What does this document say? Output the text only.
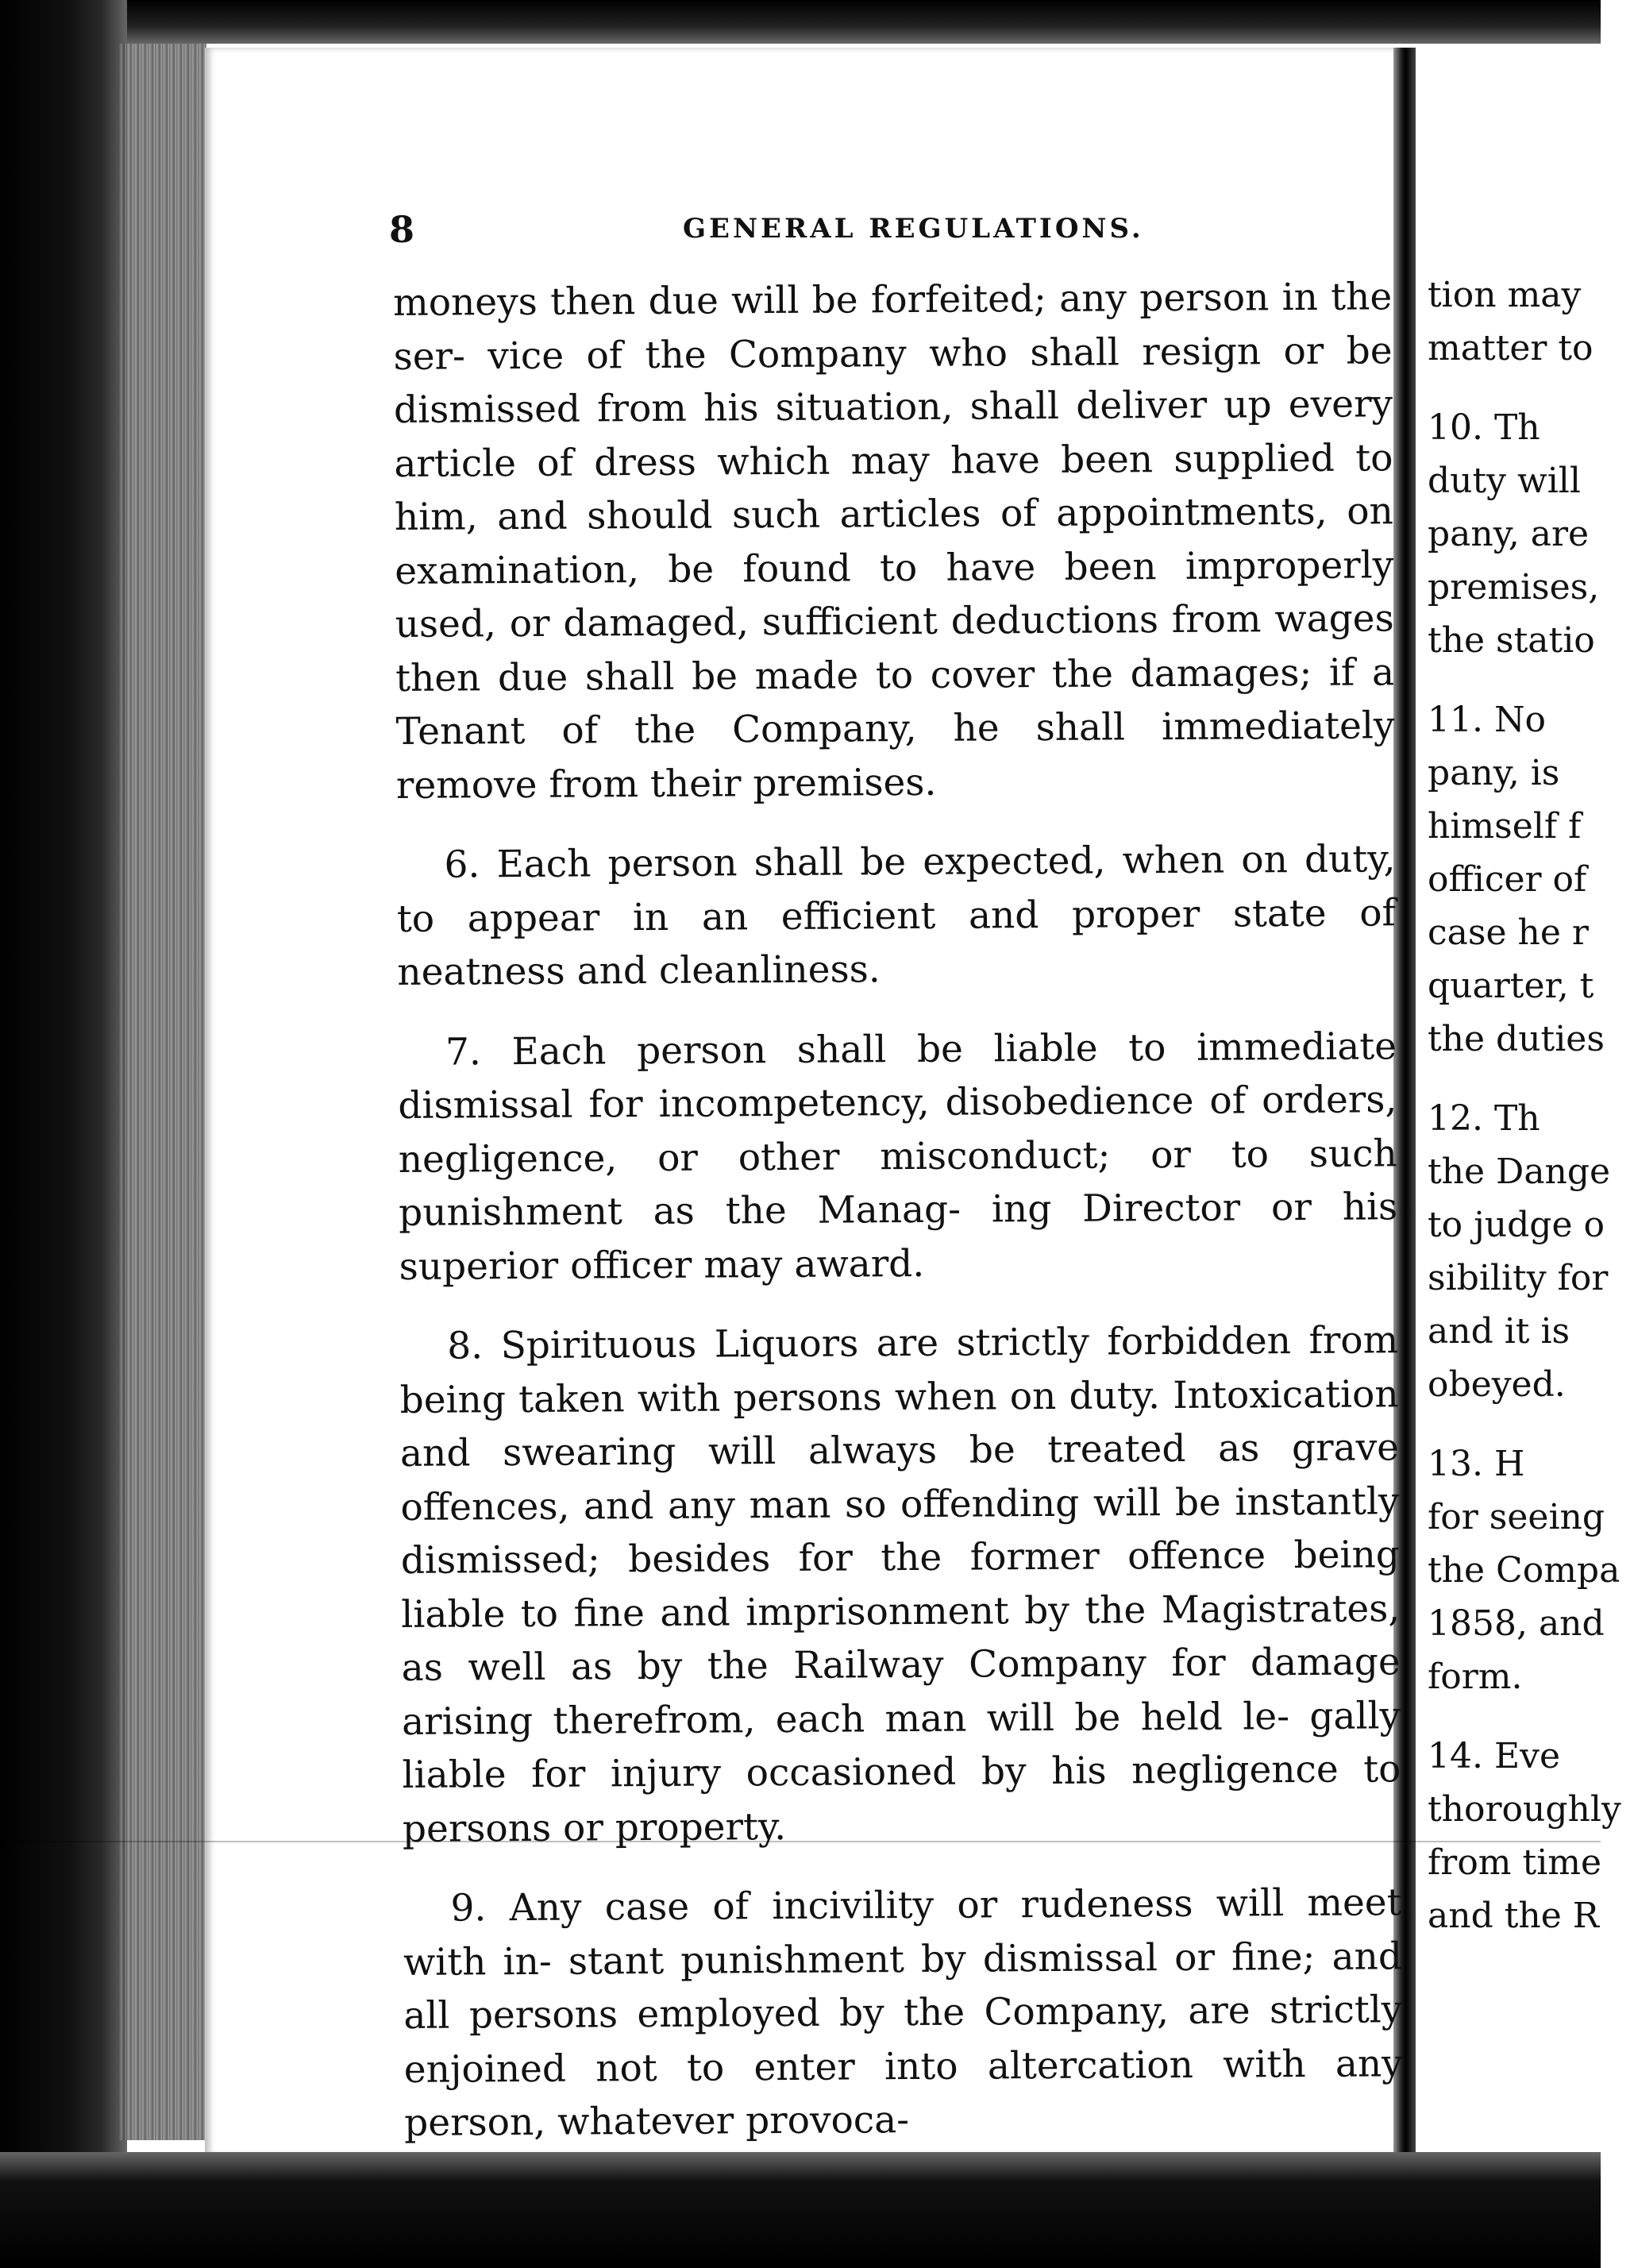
8	GENERAL REGULATIONS.

moneys then due will be forfeited; any person in the ser- vice of the Company who shall resign or be dismissed from his situation, shall deliver up every article of dress which may have been supplied to him, and should such articles of appointments, on examination, be found to have been improperly used, or damaged, sufficient deductions from wages then due shall be made to cover the damages; if a Tenant of the Company, he shall immediately remove from their premises.

6. Each person shall be expected, when on duty, to appear in an efficient and proper state of neatness and cleanliness.

7. Each person shall be liable to immediate dismissal for incompetency, disobedience of orders, negligence, or other misconduct; or to such punishment as the Manag- ing Director or his superior officer may award.

8. Spirituous Liquors are strictly forbidden from being taken with persons when on duty. Intoxication and swearing will always be treated as grave offences, and any man so offending will be instantly dismissed; besides for the former offence being liable to fine and imprisonment by the Magistrates, as well as by the Railway Company for damage arising therefrom, each man will be held le- gally liable for injury occasioned by his negligence to persons or property.

9. Any case of incivility or rudeness will meet with in- stant punishment by dismissal or fine; and all persons employed by the Company, are strictly enjoined not to enter into altercation with any person, whatever provoca-

tion may
matter to
10. Th
duty will
pany, are
premises,
the statio
11. No
pany, is
himself f
officer of
case he r
quarter, t
the duties
12. Th
the Dange
to judge o
sibility for
and it is
obeyed.
13. H
for seeing
the Compa
1858, and
form.
14. Eve
thoroughly
from time
and the R
